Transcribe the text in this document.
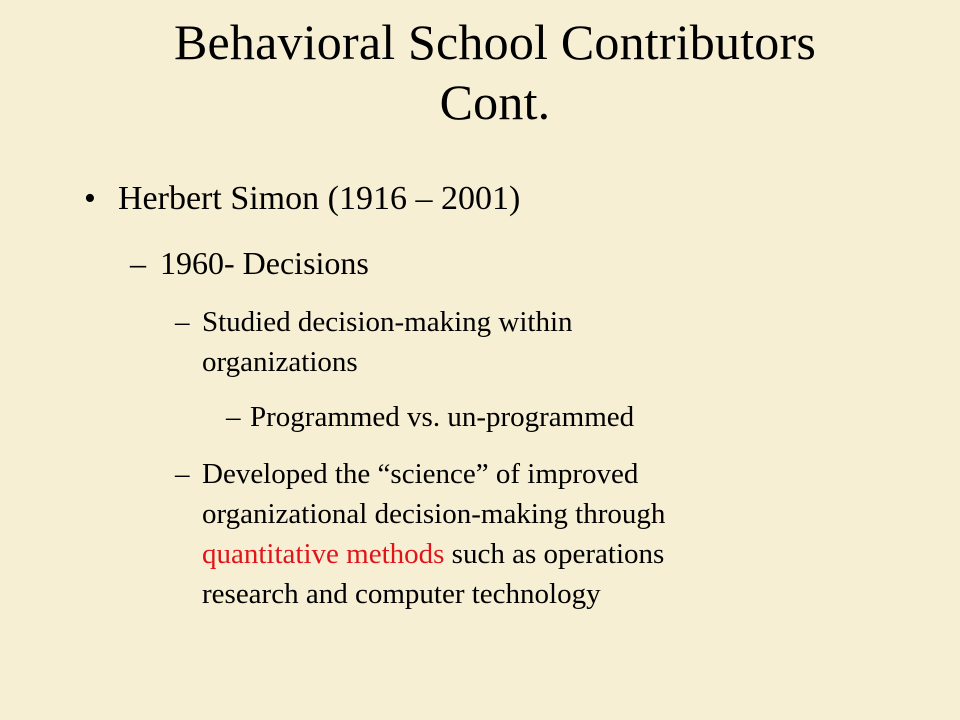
Behavioral School Contributors
Cont.
• Herbert Simon (1916 – 2001)
– 1960- Decisions
– Studied decision-making within
organizations
– Programmed vs. un-programmed
– Developed the “science” of improved
organizational decision-making through
quantitative methods such as operations
research and computer technology
